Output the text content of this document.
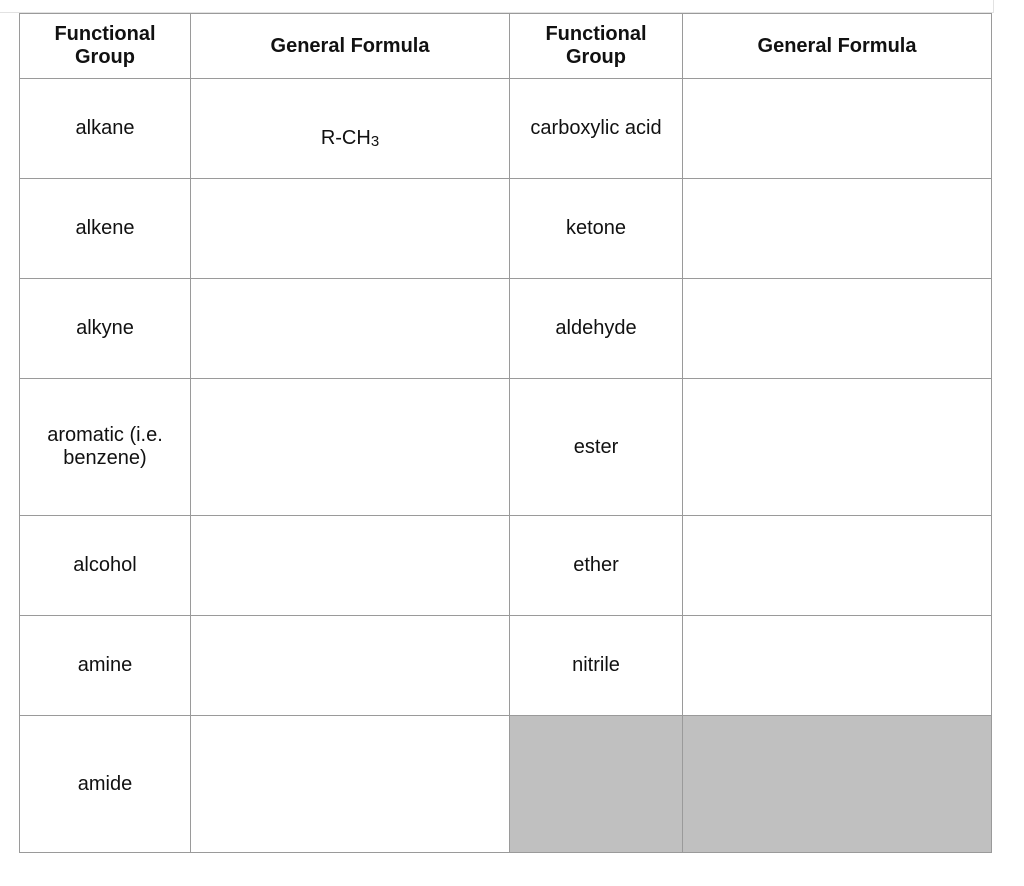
Functional Group	General Formula	Functional Group	General Formula
alkane	$R-CH_3$	carboxylic acid	
alkene		ketone	
alkyne		aldehyde	
aromatic (i.e. benzene)		ester	
alcohol		ether	
amine		nitrile	
amide			
